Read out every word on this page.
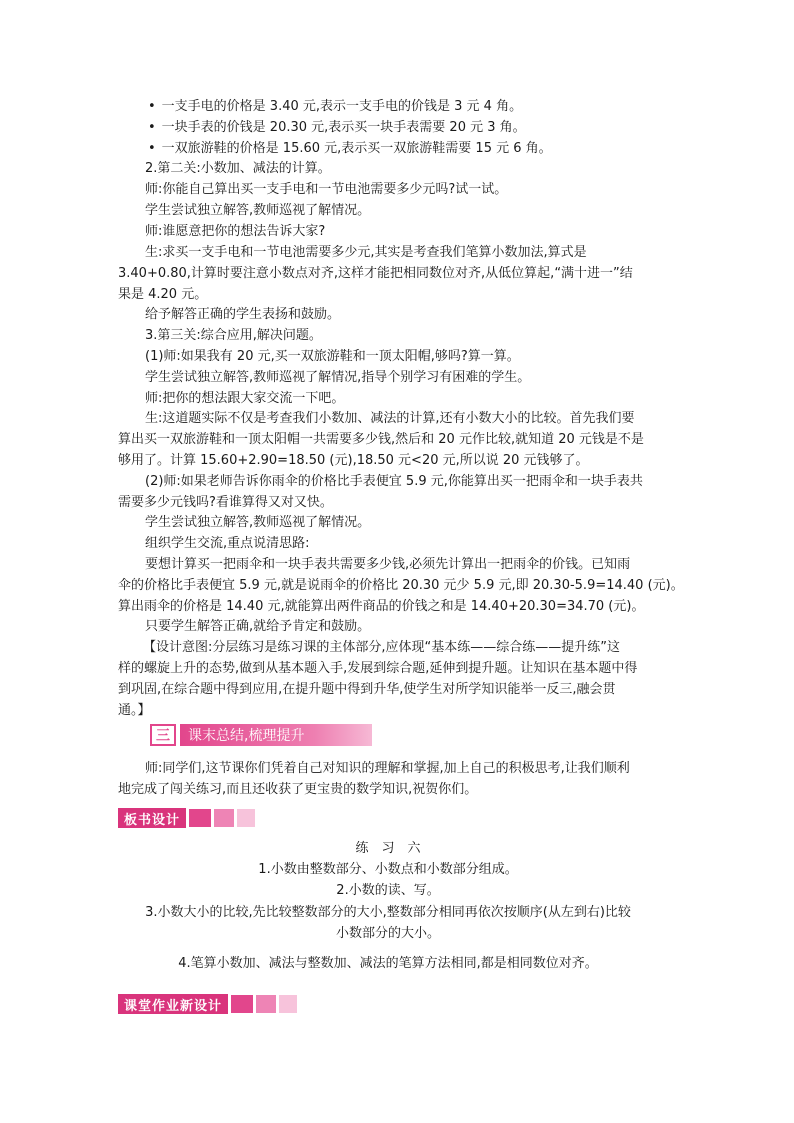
• 一支手电的价格是 3.40 元,表示一支手电的价钱是 3 元 4 角。
• 一块手表的价钱是 20.30 元,表示买一块手表需要 20 元 3 角。
• 一双旅游鞋的价格是 15.60 元,表示买一双旅游鞋需要 15 元 6 角。
2.第二关:小数加、减法的计算。
师:你能自己算出买一支手电和一节电池需要多少元吗?试一试。
学生尝试独立解答,教师巡视了解情况。
师:谁愿意把你的想法告诉大家?
生:求买一支手电和一节电池需要多少元,其实是考查我们笔算小数加法,算式是
3.40+0.80,计算时要注意小数点对齐,这样才能把相同数位对齐,从低位算起,“满十进一”结
果是 4.20 元。
给予解答正确的学生表扬和鼓励。
3.第三关:综合应用,解决问题。
(1)师:如果我有 20 元,买一双旅游鞋和一顶太阳帽,够吗?算一算。
学生尝试独立解答,教师巡视了解情况,指导个别学习有困难的学生。
师:把你的想法跟大家交流一下吧。
生:这道题实际不仅是考查我们小数加、减法的计算,还有小数大小的比较。首先我们要
算出买一双旅游鞋和一顶太阳帽一共需要多少钱,然后和 20 元作比较,就知道 20 元钱是不是
够用了。计算 15.60+2.90=18.50 (元),18.50 元<20 元,所以说 20 元钱够了。
(2)师:如果老师告诉你雨伞的价格比手表便宜 5.9 元,你能算出买一把雨伞和一块手表共
需要多少元钱吗?看谁算得又对又快。
学生尝试独立解答,教师巡视了解情况。
组织学生交流,重点说清思路:
要想计算买一把雨伞和一块手表共需要多少钱,必须先计算出一把雨伞的价钱。已知雨
伞的价格比手表便宜 5.9 元,就是说雨伞的价格比 20.30 元少 5.9 元,即 20.30-5.9=14.40 (元)。
算出雨伞的价格是 14.40 元,就能算出两件商品的价钱之和是 14.40+20.30=34.70 (元)。
只要学生解答正确,就给予肯定和鼓励。
【设计意图:分层练习是练习课的主体部分,应体现“基本练——综合练——提升练”这
样的螺旋上升的态势,做到从基本题入手,发展到综合题,延伸到提升题。让知识在基本题中得
到巩固,在综合题中得到应用,在提升题中得到升华,使学生对所学知识能举一反三,融会贯
通。】
三	课末总结,梳理提升
师:同学们,这节课你们凭着自己对知识的理解和掌握,加上自己的积极思考,让我们顺利
地完成了闯关练习,而且还收获了更宝贵的数学知识,祝贺你们。
板书设计
练　习　六
1.小数由整数部分、小数点和小数部分组成。
2.小数的读、写。
3.小数大小的比较,先比较整数部分的大小,整数部分相同再依次按顺序(从左到右)比较
小数部分的大小。
4.笔算小数加、减法与整数加、减法的笔算方法相同,都是相同数位对齐。
课堂作业新设计
